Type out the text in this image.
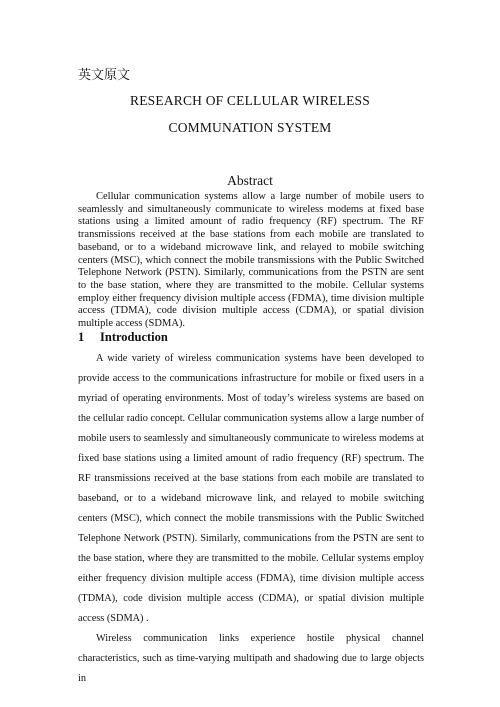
英文原文
RESEARCH OF CELLULAR WIRELESS
COMMUNATION SYSTEM
Abstract

Cellular communication systems allow a large number of mobile users to seamlessly and simultaneously communicate to wireless modems at fixed base stations using a limited amount of radio frequency (RF) spectrum. The RF transmissions received at the base stations from each mobile are translated to baseband, or to a wideband microwave link, and relayed to mobile switching centers (MSC), which connect the mobile transmissions with the Public Switched Telephone Network (PSTN). Similarly, communications from the PSTN are sent to the base station, where they are transmitted to the mobile. Cellular systems employ either frequency division multiple access (FDMA), time division multiple access (TDMA), code division multiple access (CDMA), or spatial division multiple access (SDMA).

1 Introduction

A wide variety of wireless communication systems have been developed to provide access to the communications infrastructure for mobile or fixed users in a myriad of operating environments. Most of today’s wireless systems are based on the cellular radio concept. Cellular communication systems allow a large number of mobile users to seamlessly and simultaneously communicate to wireless modems at fixed base stations using a limited amount of radio frequency (RF) spectrum. The RF transmissions received at the base stations from each mobile are translated to baseband, or to a wideband microwave link, and relayed to mobile switching centers (MSC), which connect the mobile transmissions with the Public Switched Telephone Network (PSTN). Similarly, communications from the PSTN are sent to the base station, where they are transmitted to the mobile. Cellular systems employ either frequency division multiple access (FDMA), time division multiple access (TDMA), code division multiple access (CDMA), or spatial division multiple access (SDMA) .

Wireless communication links experience hostile physical channel characteristics, such as time-varying multipath and shadowing due to large objects in
